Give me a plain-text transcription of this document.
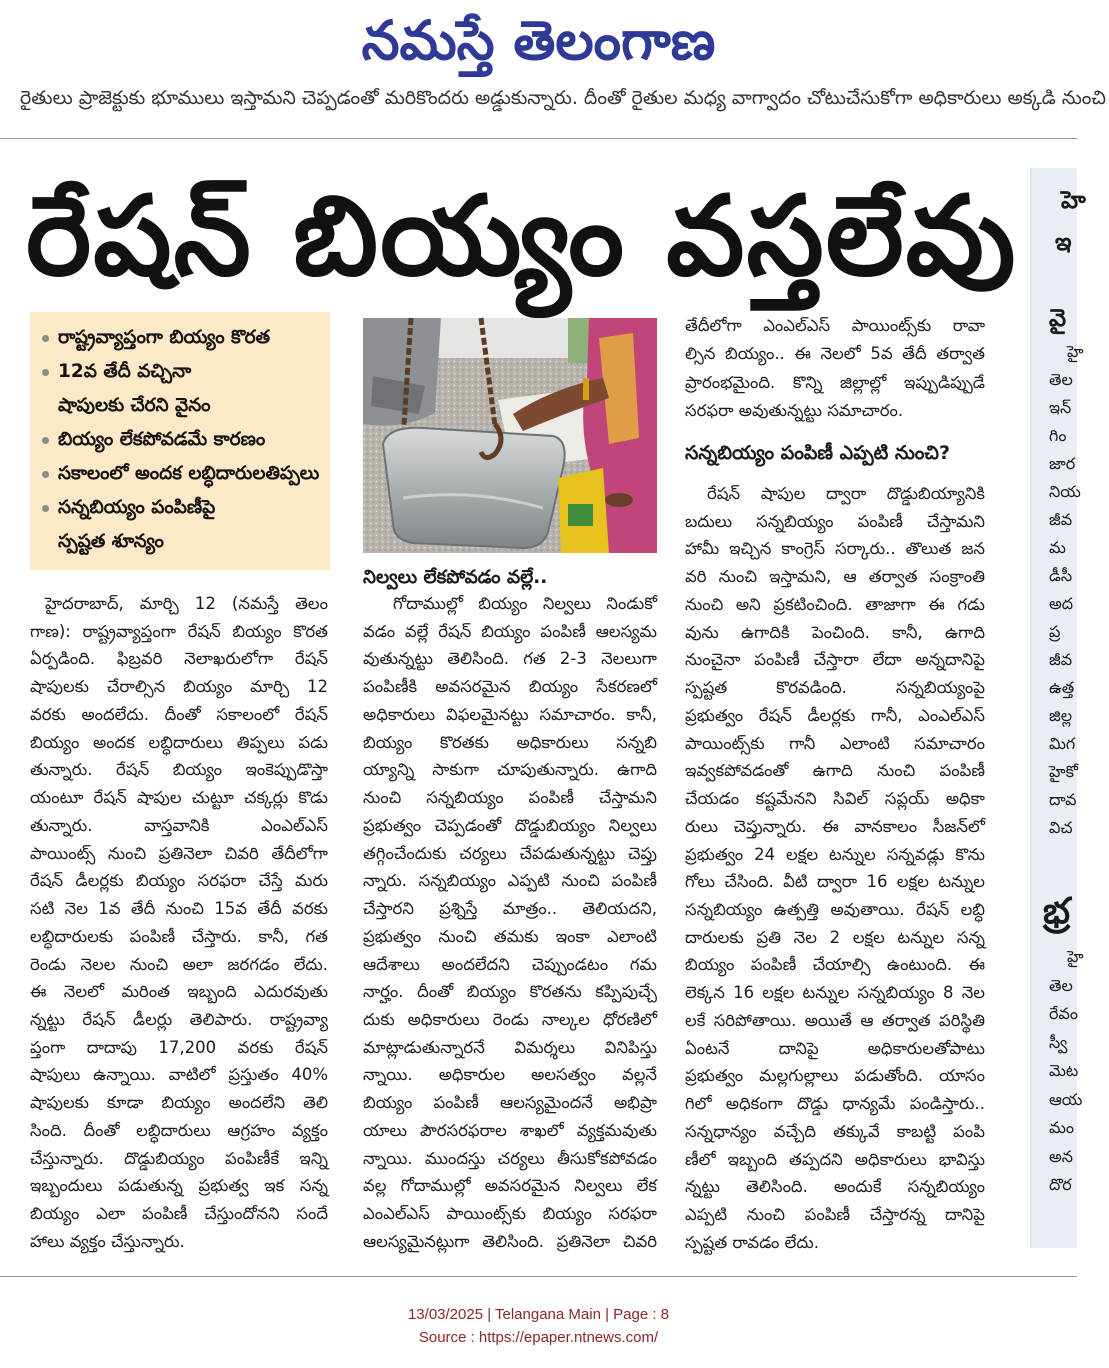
నమస్తే తెలంగాణ
రైతులు ప్రాజెక్టుకు భూములు ఇస్తామని చెప్పడంతో మరికొందరు అడ్డుకున్నారు. దీంతో రైతుల మధ్య వాగ్వాదం చోటుచేసుకోగా అధికారులు అక్కడి నుంచి
రేషన్ బియ్యం వస్తలేవు
రాష్ట్రవ్యాప్తంగా బియ్యం కొరత
12వ తేదీ వచ్చినా
షాపులకు చేరని వైనం
బియ్యం లేకపోవడమే కారణం
సకాలంలో అందక లబ్ధిదారులతిప్పలు
సన్నబియ్యం పంపిణీపై
స్పష్టత శూన్యం
నిల్వలు లేకపోవడం వల్లే..
హైదరాబాద్, మార్చి 12 (నమస్తే తెలం
గాణ): రాష్ట్రవ్యాప్తంగా రేషన్ బియ్యం కొరత
ఏర్పడింది. ఫిబ్రవరి నెలాఖరులోగా రేషన్
షాపులకు చేరాల్సిన బియ్యం మార్చి 12
వరకు అందలేదు. దీంతో సకాలంలో రేషన్
బియ్యం అందక లబ్ధిదారులు తిప్పలు పడు
తున్నారు. రేషన్ బియ్యం ఇంకెప్పుడొస్తా
యంటూ రేషన్ షాపుల చుట్టూ చక్కర్లు కొడు
తున్నారు. వాస్తవానికి ఎంఎల్ఎస్
పాయింట్స్ నుంచి ప్రతినెలా చివరి తేదీలోగా
రేషన్ డీలర్లకు బియ్యం సరఫరా చేస్తే మరు
సటి నెల 1వ తేదీ నుంచి 15వ తేదీ వరకు
లబ్ధిదారులకు పంపిణీ చేస్తారు. కానీ, గత
రెండు నెలల నుంచి అలా జరగడం లేదు.
ఈ నెలలో మరింత ఇబ్బంది ఎదురవుతు
న్నట్టు రేషన్ డీలర్లు తెలిపారు. రాష్ట్రవ్యా
ప్తంగా దాదాపు 17,200 వరకు రేషన్
షాపులు ఉన్నాయి. వాటిలో ప్రస్తుతం 40%
షాపులకు కూడా బియ్యం అందలేని తెలి
సింది. దీంతో లబ్ధిదారులు ఆగ్రహం వ్యక్తం
చేస్తున్నారు. దొడ్డుబియ్యం పంపిణీకే ఇన్ని
ఇబ్బందులు పడుతున్న ప్రభుత్వ ఇక సన్న
బియ్యం ఎలా పంపిణీ చేస్తుందోనని సందే
హాలు వ్యక్తం చేస్తున్నారు.
గోదాముల్లో బియ్యం నిల్వలు నిండుకో
వడం వల్లే రేషన్ బియ్యం పంపిణీ ఆలస్యమ
వుతున్నట్టు తెలిసింది. గత 2-3 నెలలుగా
పంపిణీకి అవసరమైన బియ్యం సేకరణలో
అధికారులు విఫలమైనట్టు సమాచారం. కానీ,
బియ్యం కొరతకు అధికారులు సన్నబి
య్యాన్ని సాకుగా చూపుతున్నారు. ఉగాది
నుంచి సన్నబియ్యం పంపిణీ చేస్తామని
ప్రభుత్వం చెప్పడంతో దొడ్డుబియ్యం నిల్వలు
తగ్గించేందుకు చర్యలు చేపడుతున్నట్టు చెప్తు
న్నారు. సన్నబియ్యం ఎప్పటి నుంచి పంపిణీ
చేస్తారని ప్రశ్నిస్తే మాత్రం.. తెలియదని,
ప్రభుత్వం నుంచి తమకు ఇంకా ఎలాంటి
ఆదేశాలు అందలేదని చెప్పుండటం గమ
నార్హం. దీంతో బియ్యం కొరతను కప్పిపుచ్చే
దుకు అధికారులు రెండు నాల్కల ధోరణిలో
మాట్లాడుతున్నారనే విమర్శలు వినిపిస్తు
న్నాయి. అధికారుల అలసత్వం వల్లనే
బియ్యం పంపిణీ ఆలస్యమైందనే అభిప్రా
యాలు పౌరసరఫరాల శాఖలో వ్యక్తమవుతు
న్నాయి. ముందస్తు చర్యలు తీసుకోకపోవడం
వల్ల గోదాముల్లో అవసరమైన నిల్వలు లేక
ఎంఎల్ఎస్ పాయింట్స్‌కు బియ్యం సరఫరా
ఆలస్యమైనట్లుగా తెలిసింది. ప్రతినెలా చివరి
తేదీలోగా ఎంఎల్ఎస్ పాయింట్స్‌కు రావా
ల్సిన బియ్యం.. ఈ నెలలో 5వ తేదీ తర్వాత
ప్రారంభమైంది. కొన్ని జిల్లాల్లో ఇప్పుడిప్పుడే
సరఫరా అవుతున్నట్టు సమాచారం.
సన్నబియ్యం పంపిణీ ఎప్పటి నుంచి?
రేషన్ షాపుల ద్వారా దొడ్డుబియ్యానికి
బదులు సన్నబియ్యం పంపిణీ చేస్తామని
హామీ ఇచ్చిన కాంగ్రెస్ సర్కారు.. తొలుత జన
వరి నుంచి ఇస్తామని, ఆ తర్వాత సంక్రాంతి
నుంచి అని ప్రకటించింది. తాజాగా ఈ గడు
వును ఉగాదికి పెంచింది. కానీ, ఉగాది
నుంచైనా పంపిణీ చేస్తారా లేదా అన్నదానిపై
స్పష్టత కొరవడింది. సన్నబియ్యంపై
ప్రభుత్వం రేషన్ డీలర్లకు గానీ, ఎంఎల్ఎస్
పాయింట్స్‌కు గానీ ఎలాంటి సమాచారం
ఇవ్వకపోవడంతో ఉగాది నుంచి పంపిణీ
చేయడం కష్టమేనని సివిల్ సప్లయ్ అధికా
రులు చెప్తున్నారు. ఈ వానకాలం సీజన్‌లో
ప్రభుత్వం 24 లక్షల టన్నుల సన్నవడ్లు కొను
గోలు చేసింది. వీటి ద్వారా 16 లక్షల టన్నుల
సన్నబియ్యం ఉత్పత్తి అవుతాయి. రేషన్ లబ్ధి
దారులకు ప్రతి నెల 2 లక్షల టన్నుల సన్న
బియ్యం పంపిణీ చేయాల్సి ఉంటుంది. ఈ
లెక్కన 16 లక్షల టన్నుల సన్నబియ్యం 8 నెల
లకే సరిపోతాయి. అయితే ఆ తర్వాత పరిస్థితి
ఏంటనే దానిపై అధికారులతోపాటు
ప్రభుత్వం మల్లగుల్లాలు పడుతోంది. యాసం
గిలో అధికంగా దొడ్డు ధాన్యమే పండిస్తారు..
సన్నధాన్యం వచ్చేది తక్కువే కాబట్టి పంపి
ణీలో ఇబ్బంది తప్పదని అధికారులు భావిస్తు
న్నట్టు తెలిసింది. అందుకే సన్నబియ్యం
ఎప్పటి నుంచి పంపిణీ చేస్తారన్న దానిపై
స్పష్టత రావడం లేదు.
హె
ఇ
వై
హై
తెల
ఇన్
గిం
జార
నియ
జీవ
మ
డీసీ
అద
ప్ర
జీవ
ఉత్త
జిల్ల
మిగ
హైకో
దావ
విచ
భ్ర
హై
తెల
రేవం
స్వీ
మెట
ఆయ
మం
అన
దొర
13/03/2025 | Telangana Main | Page : 8
Source : https://epaper.ntnews.com/
